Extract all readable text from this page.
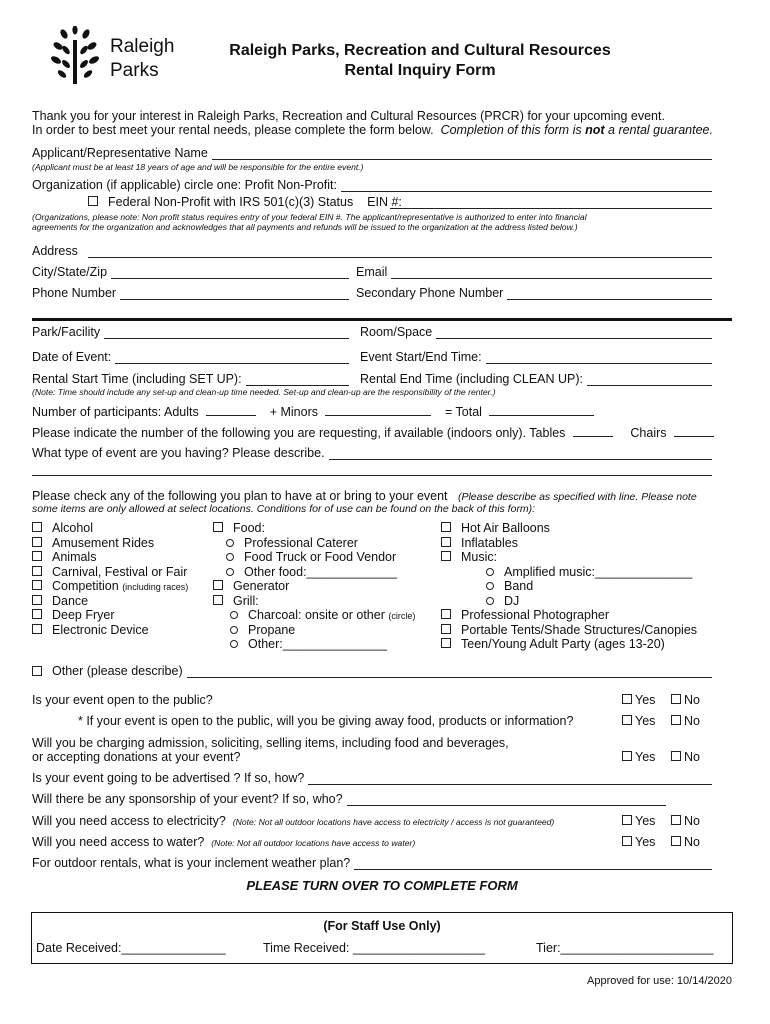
Raleigh
Parks
Raleigh Parks, Recreation and Cultural Resources
Rental Inquiry Form
Thank you for your interest in Raleigh Parks, Recreation and Cultural Resources (PRCR) for your upcoming event.
In order to best meet your rental needs, please complete the form below. Completion of this form is not a rental guarantee.
Applicant/Representative Name
(Applicant must be at least 18 years of age and will be responsible for the entire event.)
Organization (if applicable) circle one: Profit Non-Profit:
Federal Non-Profit with IRS 501(c)(3) Status EIN #:
(Organizations, please note: Non profit status requires entry of your federal EIN #. The applicant/representative is authorized to enter into financial
agreements for the organization and acknowledges that all payments and refunds will be issued to the organization at the address listed below.)
Address
City/State/Zip	Email
Phone Number	Secondary Phone Number
Park/Facility	Room/Space
Date of Event:	Event Start/End Time:
Rental Start Time (including SET UP):	Rental End Time (including CLEAN UP):
(Note: Time should include any set-up and clean-up time needed. Set-up and clean-up are the responsibility of the renter.)
Number of participants: Adults	+ Minors	= Total
Please indicate the number of the following you are requesting, if available (indoors only). Tables	Chairs
What type of event are you having? Please describe.
Please check any of the following you plan to have at or bring to your event (Please describe as specified with line. Please note
some items are only allowed at select locations. Conditions for of use can be found on the back of this form):
Alcohol
Amusement Rides
Animals
Carnival, Festival or Fair
Competition (including races)
Dance
Deep Fryer
Electronic Device
Food:
Professional Caterer
Food Truck or Food Vendor
Other food:_____________
Generator
Grill:
Charcoal: onsite or other (circle)
Propane
Other:_______________
Hot Air Balloons
Inflatables
Music:
Amplified music:______________
Band
DJ
Professional Photographer
Portable Tents/Shade Structures/Canopies
Teen/Young Adult Party (ages 13-20)
Other (please describe)
Is your event open to the public?	Yes	No
* If your event is open to the public, will you be giving away food, products or information?	Yes	No
Will you be charging admission, soliciting, selling items, including food and beverages,
or accepting donations at your event?	Yes	No
Is your event going to be advertised ? If so, how?
Will there be any sponsorship of your event? If so, who?
Will you need access to electricity? (Note: Not all outdoor locations have access to electricity / access is not guaranteed)	Yes	No
Will you need access to water? (Note: Not all outdoor locations have access to water)	Yes	No
For outdoor rentals, what is your inclement weather plan?
PLEASE TURN OVER TO COMPLETE FORM
(For Staff Use Only)
Date Received:_______________	Time Received: ___________________	Tier:______________________
Approved for use: 10/14/2020
